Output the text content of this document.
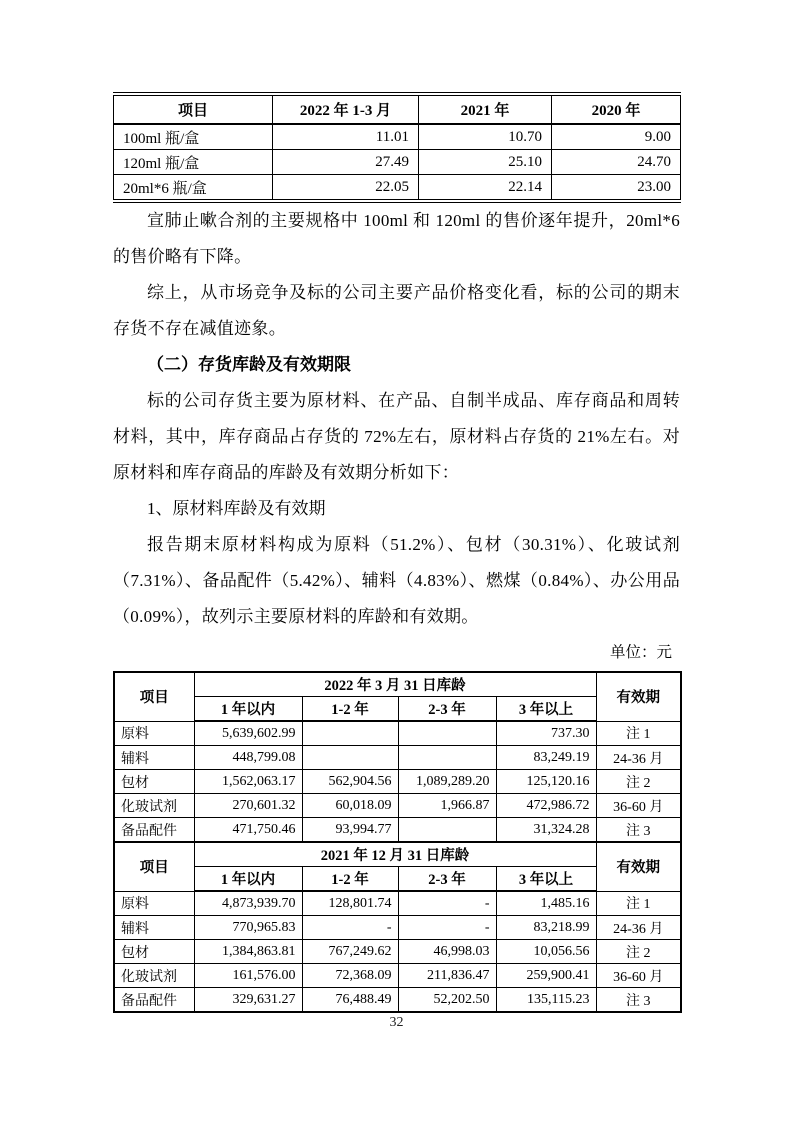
项目	2022 年 1-3 月	2021 年	2020 年
100ml 瓶/盒	11.01	10.70	9.00
120ml 瓶/盒	27.49	25.10	24.70
20ml*6 瓶/盒	22.05	22.14	23.00

宣肺止嗽合剂的主要规格中 100ml 和 120ml 的售价逐年提升，20ml*6 的售价略有下降。

综上，从市场竞争及标的公司主要产品价格变化看，标的公司的期末存货不存在减值迹象。

（二）存货库龄及有效期限

标的公司存货主要为原材料、在产品、自制半成品、库存商品和周转材料，其中，库存商品占存货的 72%左右，原材料占存货的 21%左右。对原材料和库存商品的库龄及有效期分析如下：

1、原材料库龄及有效期

报告期末原材料构成为原料（51.2%）、包材（30.31%）、化玻试剂（7.31%）、备品配件（5.42%）、辅料（4.83%）、燃煤（0.84%）、办公用品（0.09%），故列示主要原材料的库龄和有效期。

单位：元
项目	2022 年 3 月 31 日库龄				有效期
	1 年以内	1-2 年	2-3 年	3 年以上	
原料	5,639,602.99			737.30	注 1
辅料	448,799.08			83,249.19	24-36 月
包材	1,562,063.17	562,904.56	1,089,289.20	125,120.16	注 2
化玻试剂	270,601.32	60,018.09	1,966.87	472,986.72	36-60 月
备品配件	471,750.46	93,994.77		31,324.28	注 3
项目	2021 年 12 月 31 日库龄				有效期
	1 年以内	1-2 年	2-3 年	3 年以上	
原料	4,873,939.70	128,801.74	-	1,485.16	注 1
辅料	770,965.83	-	-	83,218.99	24-36 月
包材	1,384,863.81	767,249.62	46,998.03	10,056.56	注 2
化玻试剂	161,576.00	72,368.09	211,836.47	259,900.41	36-60 月
备品配件	329,631.27	76,488.49	52,202.50	135,115.23	注 3
32
